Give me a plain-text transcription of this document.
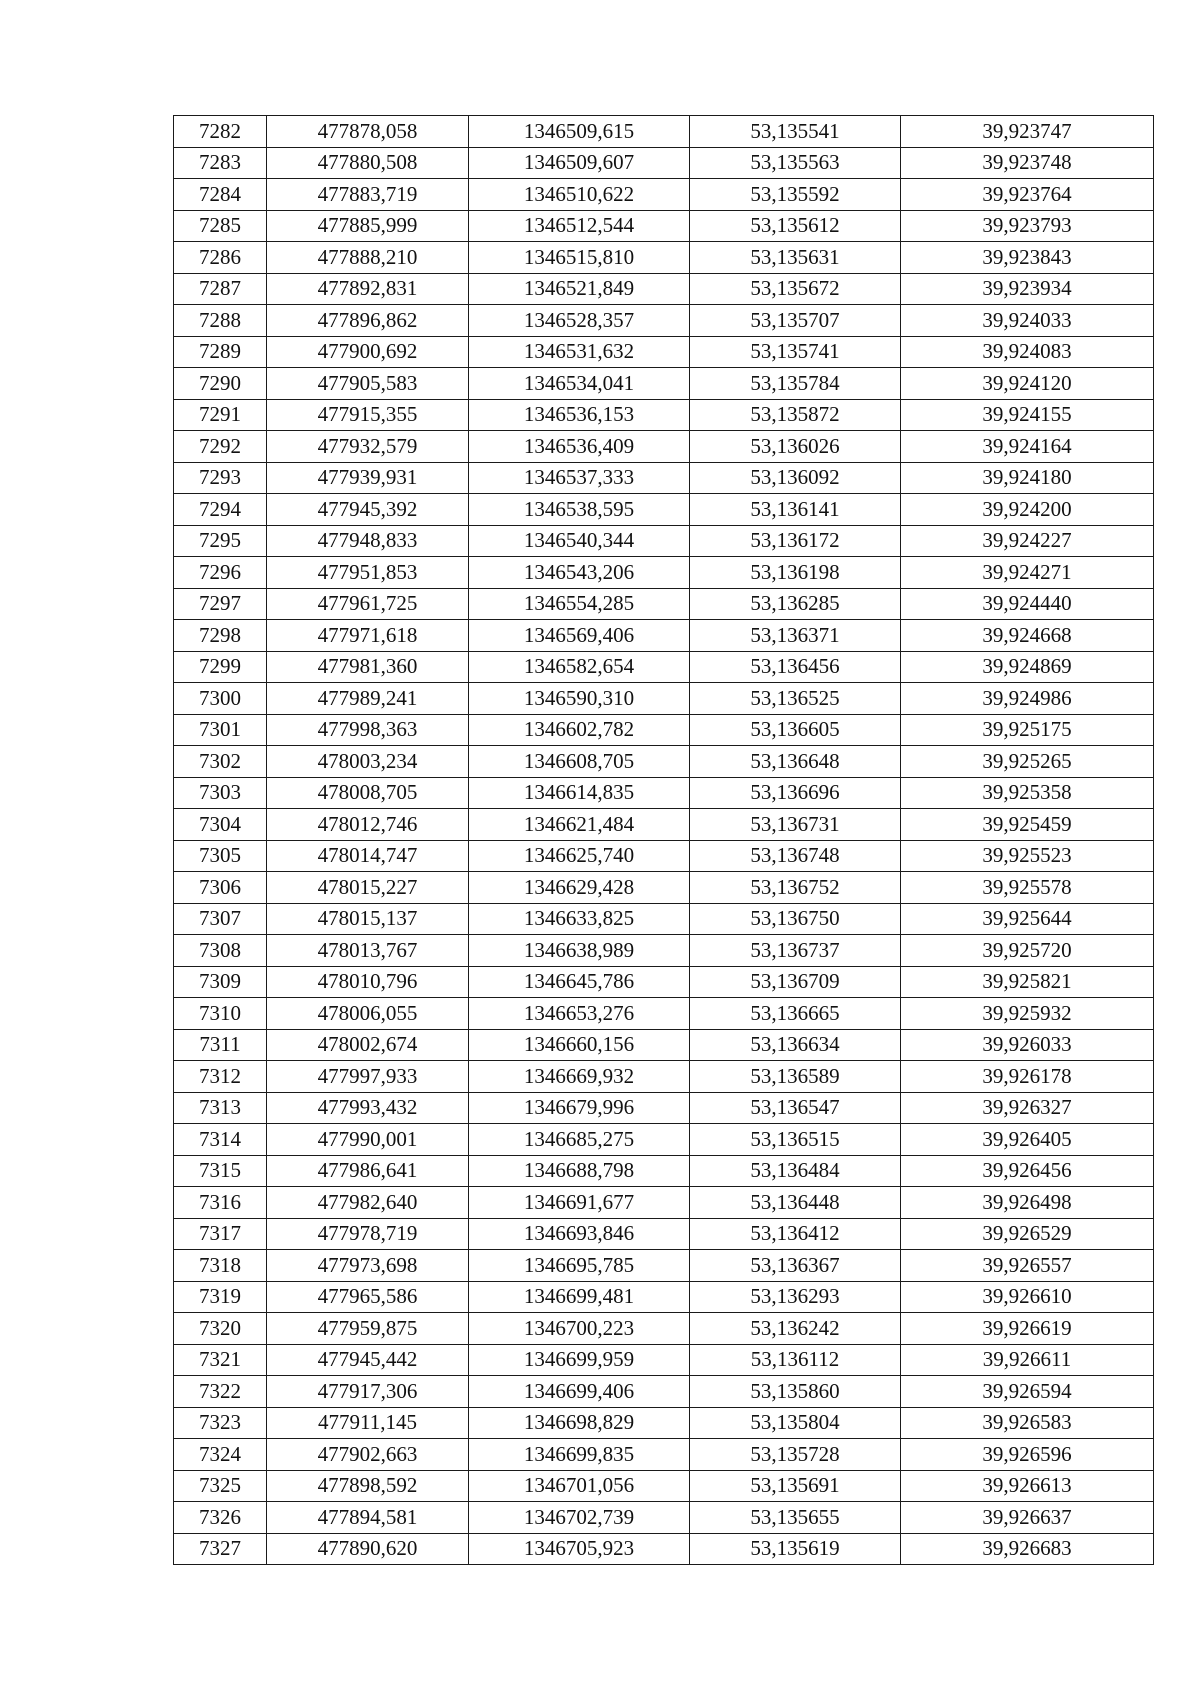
7282	477878,058	1346509,615	53,135541	39,923747
7283	477880,508	1346509,607	53,135563	39,923748
7284	477883,719	1346510,622	53,135592	39,923764
7285	477885,999	1346512,544	53,135612	39,923793
7286	477888,210	1346515,810	53,135631	39,923843
7287	477892,831	1346521,849	53,135672	39,923934
7288	477896,862	1346528,357	53,135707	39,924033
7289	477900,692	1346531,632	53,135741	39,924083
7290	477905,583	1346534,041	53,135784	39,924120
7291	477915,355	1346536,153	53,135872	39,924155
7292	477932,579	1346536,409	53,136026	39,924164
7293	477939,931	1346537,333	53,136092	39,924180
7294	477945,392	1346538,595	53,136141	39,924200
7295	477948,833	1346540,344	53,136172	39,924227
7296	477951,853	1346543,206	53,136198	39,924271
7297	477961,725	1346554,285	53,136285	39,924440
7298	477971,618	1346569,406	53,136371	39,924668
7299	477981,360	1346582,654	53,136456	39,924869
7300	477989,241	1346590,310	53,136525	39,924986
7301	477998,363	1346602,782	53,136605	39,925175
7302	478003,234	1346608,705	53,136648	39,925265
7303	478008,705	1346614,835	53,136696	39,925358
7304	478012,746	1346621,484	53,136731	39,925459
7305	478014,747	1346625,740	53,136748	39,925523
7306	478015,227	1346629,428	53,136752	39,925578
7307	478015,137	1346633,825	53,136750	39,925644
7308	478013,767	1346638,989	53,136737	39,925720
7309	478010,796	1346645,786	53,136709	39,925821
7310	478006,055	1346653,276	53,136665	39,925932
7311	478002,674	1346660,156	53,136634	39,926033
7312	477997,933	1346669,932	53,136589	39,926178
7313	477993,432	1346679,996	53,136547	39,926327
7314	477990,001	1346685,275	53,136515	39,926405
7315	477986,641	1346688,798	53,136484	39,926456
7316	477982,640	1346691,677	53,136448	39,926498
7317	477978,719	1346693,846	53,136412	39,926529
7318	477973,698	1346695,785	53,136367	39,926557
7319	477965,586	1346699,481	53,136293	39,926610
7320	477959,875	1346700,223	53,136242	39,926619
7321	477945,442	1346699,959	53,136112	39,926611
7322	477917,306	1346699,406	53,135860	39,926594
7323	477911,145	1346698,829	53,135804	39,926583
7324	477902,663	1346699,835	53,135728	39,926596
7325	477898,592	1346701,056	53,135691	39,926613
7326	477894,581	1346702,739	53,135655	39,926637
7327	477890,620	1346705,923	53,135619	39,926683
